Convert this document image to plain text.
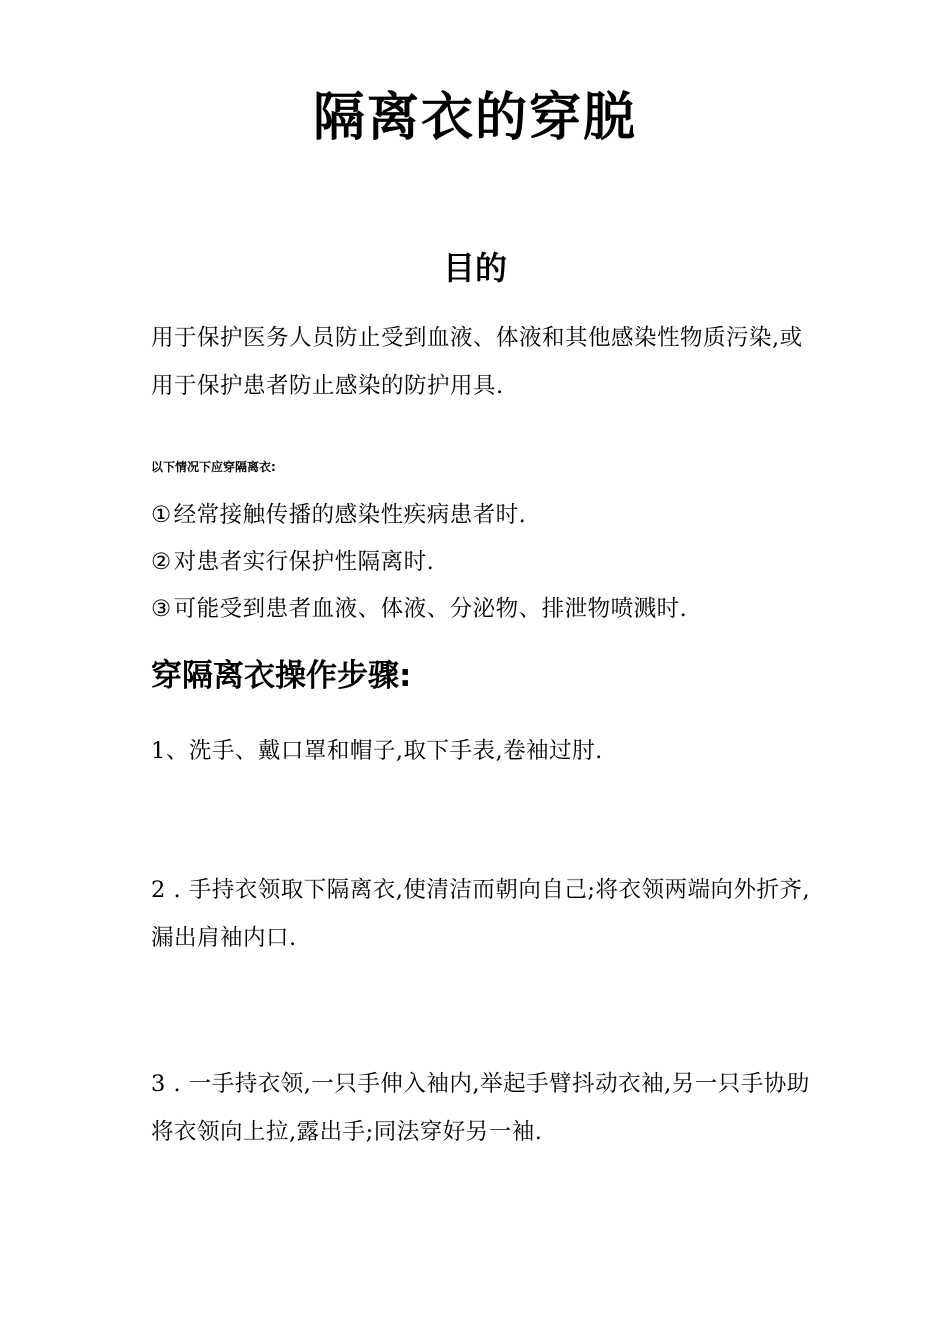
隔离衣的穿脱
目的

用于保护医务人员防止受到血液、体液和其他感染性物质污染,或用于保护患者防止感染的防护用具.

以下情况下应穿隔离衣:
①经常接触传播的感染性疾病患者时.
②对患者实行保护性隔离时.
③可能受到患者血液、体液、分泌物、排泄物喷溅时.
穿隔离衣操作步骤:

1、洗手、戴口罩和帽子,取下手表,卷袖过肘.

2 . 手持衣领取下隔离衣,使清洁而朝向自己;将衣领两端向外折齐,漏出肩袖内口.

3 . 一手持衣领,一只手伸入袖内,举起手臂抖动衣袖,另一只手协助将衣领向上拉,露出手;同法穿好另一袖.
